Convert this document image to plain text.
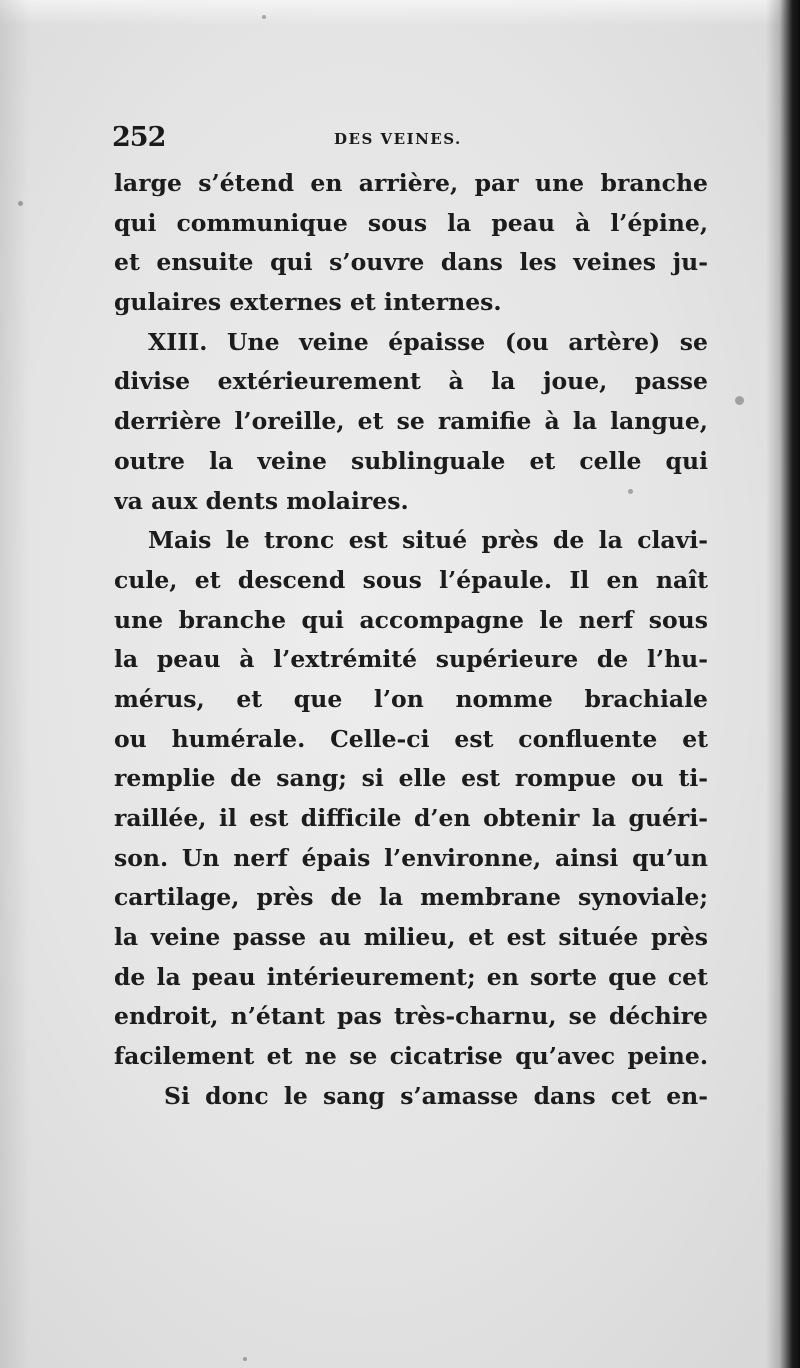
252	DES VEINES.
large s’étend en arrière, par une branche
qui communique sous la peau à l’épine,
et ensuite qui s’ouvre dans les veines ju-
gulaires externes et internes.
XIII. Une veine épaisse (ou artère) se
divise extérieurement à la joue, passe
derrière l’oreille, et se ramifie à la langue,
outre la veine sublinguale et celle qui
va aux dents molaires.
Mais le tronc est situé près de la clavi-
cule, et descend sous l’épaule. Il en naît
une branche qui accompagne le nerf sous
la peau à l’extrémité supérieure de l’hu-
mérus, et que l’on nomme brachiale
ou humérale. Celle-ci est confluente et
remplie de sang; si elle est rompue ou ti-
raillée, il est difficile d’en obtenir la guéri-
son. Un nerf épais l’environne, ainsi qu’un
cartilage, près de la membrane synoviale;
la veine passe au milieu, et est située près
de la peau intérieurement; en sorte que cet
endroit, n’étant pas très-charnu, se déchire
facilement et ne se cicatrise qu’avec peine.
Si donc le sang s’amasse dans cet en-
